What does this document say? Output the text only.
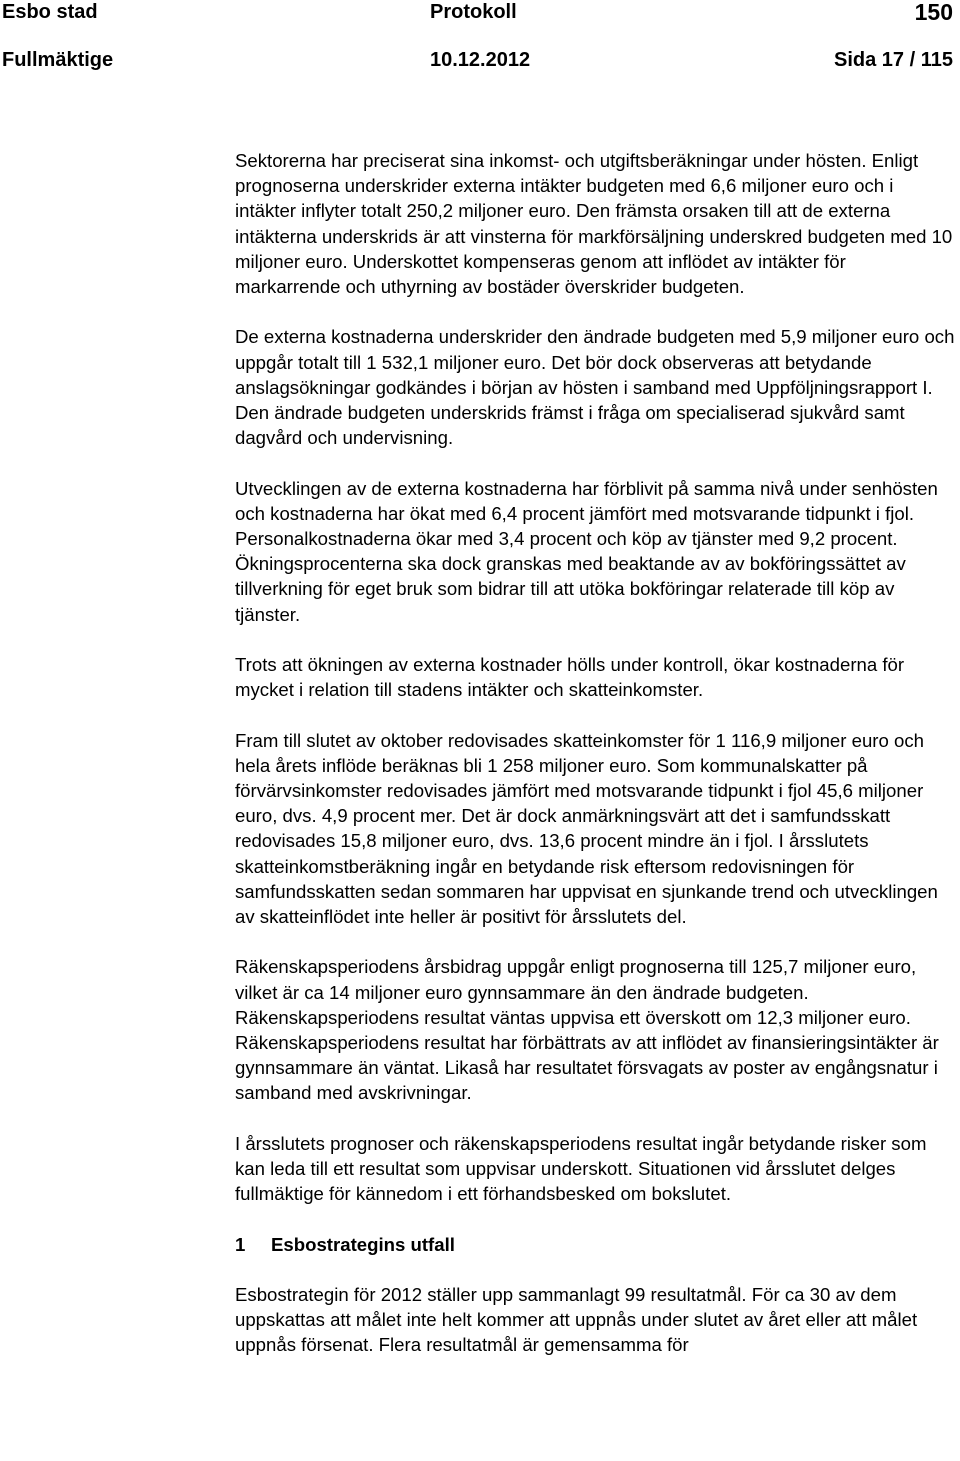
Esbo stad	Protokoll	150
Fullmäktige	10.12.2012	Sida 17 / 115

Sektorerna har preciserat sina inkomst- och utgiftsberäkningar under hösten. Enligt prognoserna underskrider externa intäkter budgeten med 6,6 miljoner euro och i intäkter inflyter totalt 250,2 miljoner euro. Den främsta orsaken till att de externa intäkterna underskrids är att vinsterna för markförsäljning underskred budgeten med 10 miljoner euro. Underskottet kompenseras genom att inflödet av intäkter för markarrende och uthyrning av bostäder överskrider budgeten.

De externa kostnaderna underskrider den ändrade budgeten med 5,9 miljoner euro och uppgår totalt till 1 532,1 miljoner euro. Det bör dock observeras att betydande anslagsökningar godkändes i början av hösten i samband med Uppföljningsrapport I. Den ändrade budgeten underskrids främst i fråga om specialiserad sjukvård samt dagvård och undervisning.

Utvecklingen av de externa kostnaderna har förblivit på samma nivå under senhösten och kostnaderna har ökat med 6,4 procent jämfört med motsvarande tidpunkt i fjol. Personalkostnaderna ökar med 3,4 procent och köp av tjänster med 9,2 procent. Ökningsprocenterna ska dock granskas med beaktande av av bokföringssättet av tillverkning för eget bruk som bidrar till att utöka bokföringar relaterade till köp av tjänster.

Trots att ökningen av externa kostnader hölls under kontroll, ökar kostnaderna för mycket i relation till stadens intäkter och skatteinkomster.

Fram till slutet av oktober redovisades skatteinkomster för 1 116,9 miljoner euro och hela årets inflöde beräknas bli 1 258 miljoner euro. Som kommunalskatter på förvärvsinkomster redovisades jämfört med motsvarande tidpunkt i fjol 45,6 miljoner euro, dvs. 4,9 procent mer. Det är dock anmärkningsvärt att det i samfundsskatt redovisades 15,8 miljoner euro, dvs. 13,6 procent mindre än i fjol. I årsslutets skatteinkomstberäkning ingår en betydande risk eftersom redovisningen för samfundsskatten sedan sommaren har uppvisat en sjunkande trend och utvecklingen av skatteinflödet inte heller är positivt för årsslutets del.

Räkenskapsperiodens årsbidrag uppgår enligt prognoserna till 125,7 miljoner euro, vilket är ca 14 miljoner euro gynnsammare än den ändrade budgeten. Räkenskapsperiodens resultat väntas uppvisa ett överskott om 12,3 miljoner euro. Räkenskapsperiodens resultat har förbättrats av att inflödet av finansieringsintäkter är gynnsammare än väntat. Likaså har resultatet försvagats av poster av engångsnatur i samband med avskrivningar.

I årsslutets prognoser och räkenskapsperiodens resultat ingår betydande risker som kan leda till ett resultat som uppvisar underskott. Situationen vid årsslutet delges fullmäktige för kännedom i ett förhandsbesked om bokslutet.

1	Esbostrategins utfall

Esbostrategin för 2012 ställer upp sammanlagt 99 resultatmål. För ca 30 av dem uppskattas att målet inte helt kommer att uppnås under slutet av året eller att målet uppnås försenat. Flera resultatmål är gemensamma för
